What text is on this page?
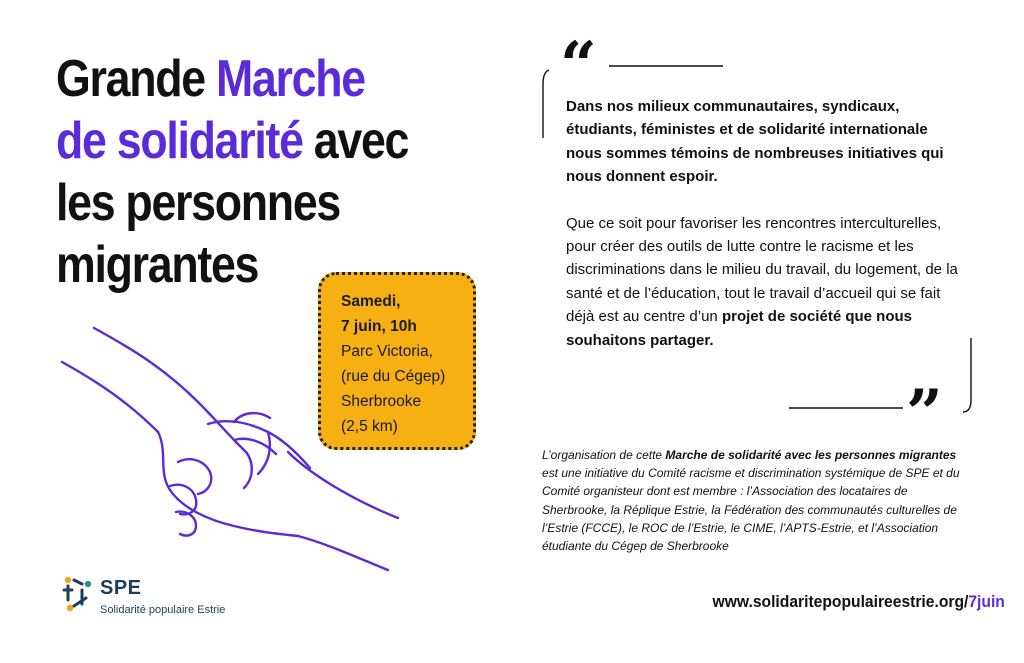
Grande Marche
de solidarité avec
les personnes
migrantes
Samedi,
7 juin, 10h
Parc Victoria,
(rue du Cégep)
Sherbrooke
(2,5 km)
SPE
Solidarité populaire Estrie
“

Dans nos milieux communautaires, syndicaux, étudiants, féministes et de solidarité internationale nous sommes témoins de nombreuses initiatives qui nous donnent espoir.

Que ce soit pour favoriser les rencontres interculturelles, pour créer des outils de lutte contre le racisme et les discriminations dans le milieu du travail, du logement, de la santé et de l’éducation, tout le travail d’accueil qui se fait déjà est au centre d’un projet de société que nous souhaitons partager.

”

L’organisation de cette Marche de solidarité avec les personnes migrantes est une initiative du Comité racisme et discrimination systémique de SPE et du Comité organisteur dont est membre : l’Association des locataires de Sherbrooke, la Réplique Estrie, la Fédération des communautés culturelles de l’Estrie (FCCE), le ROC de l’Estrie, le CIME, l’APTS-Estrie, et l’Association étudiante du Cégep de Sherbrooke

www.solidaritepopulaireestrie.org/7juin
